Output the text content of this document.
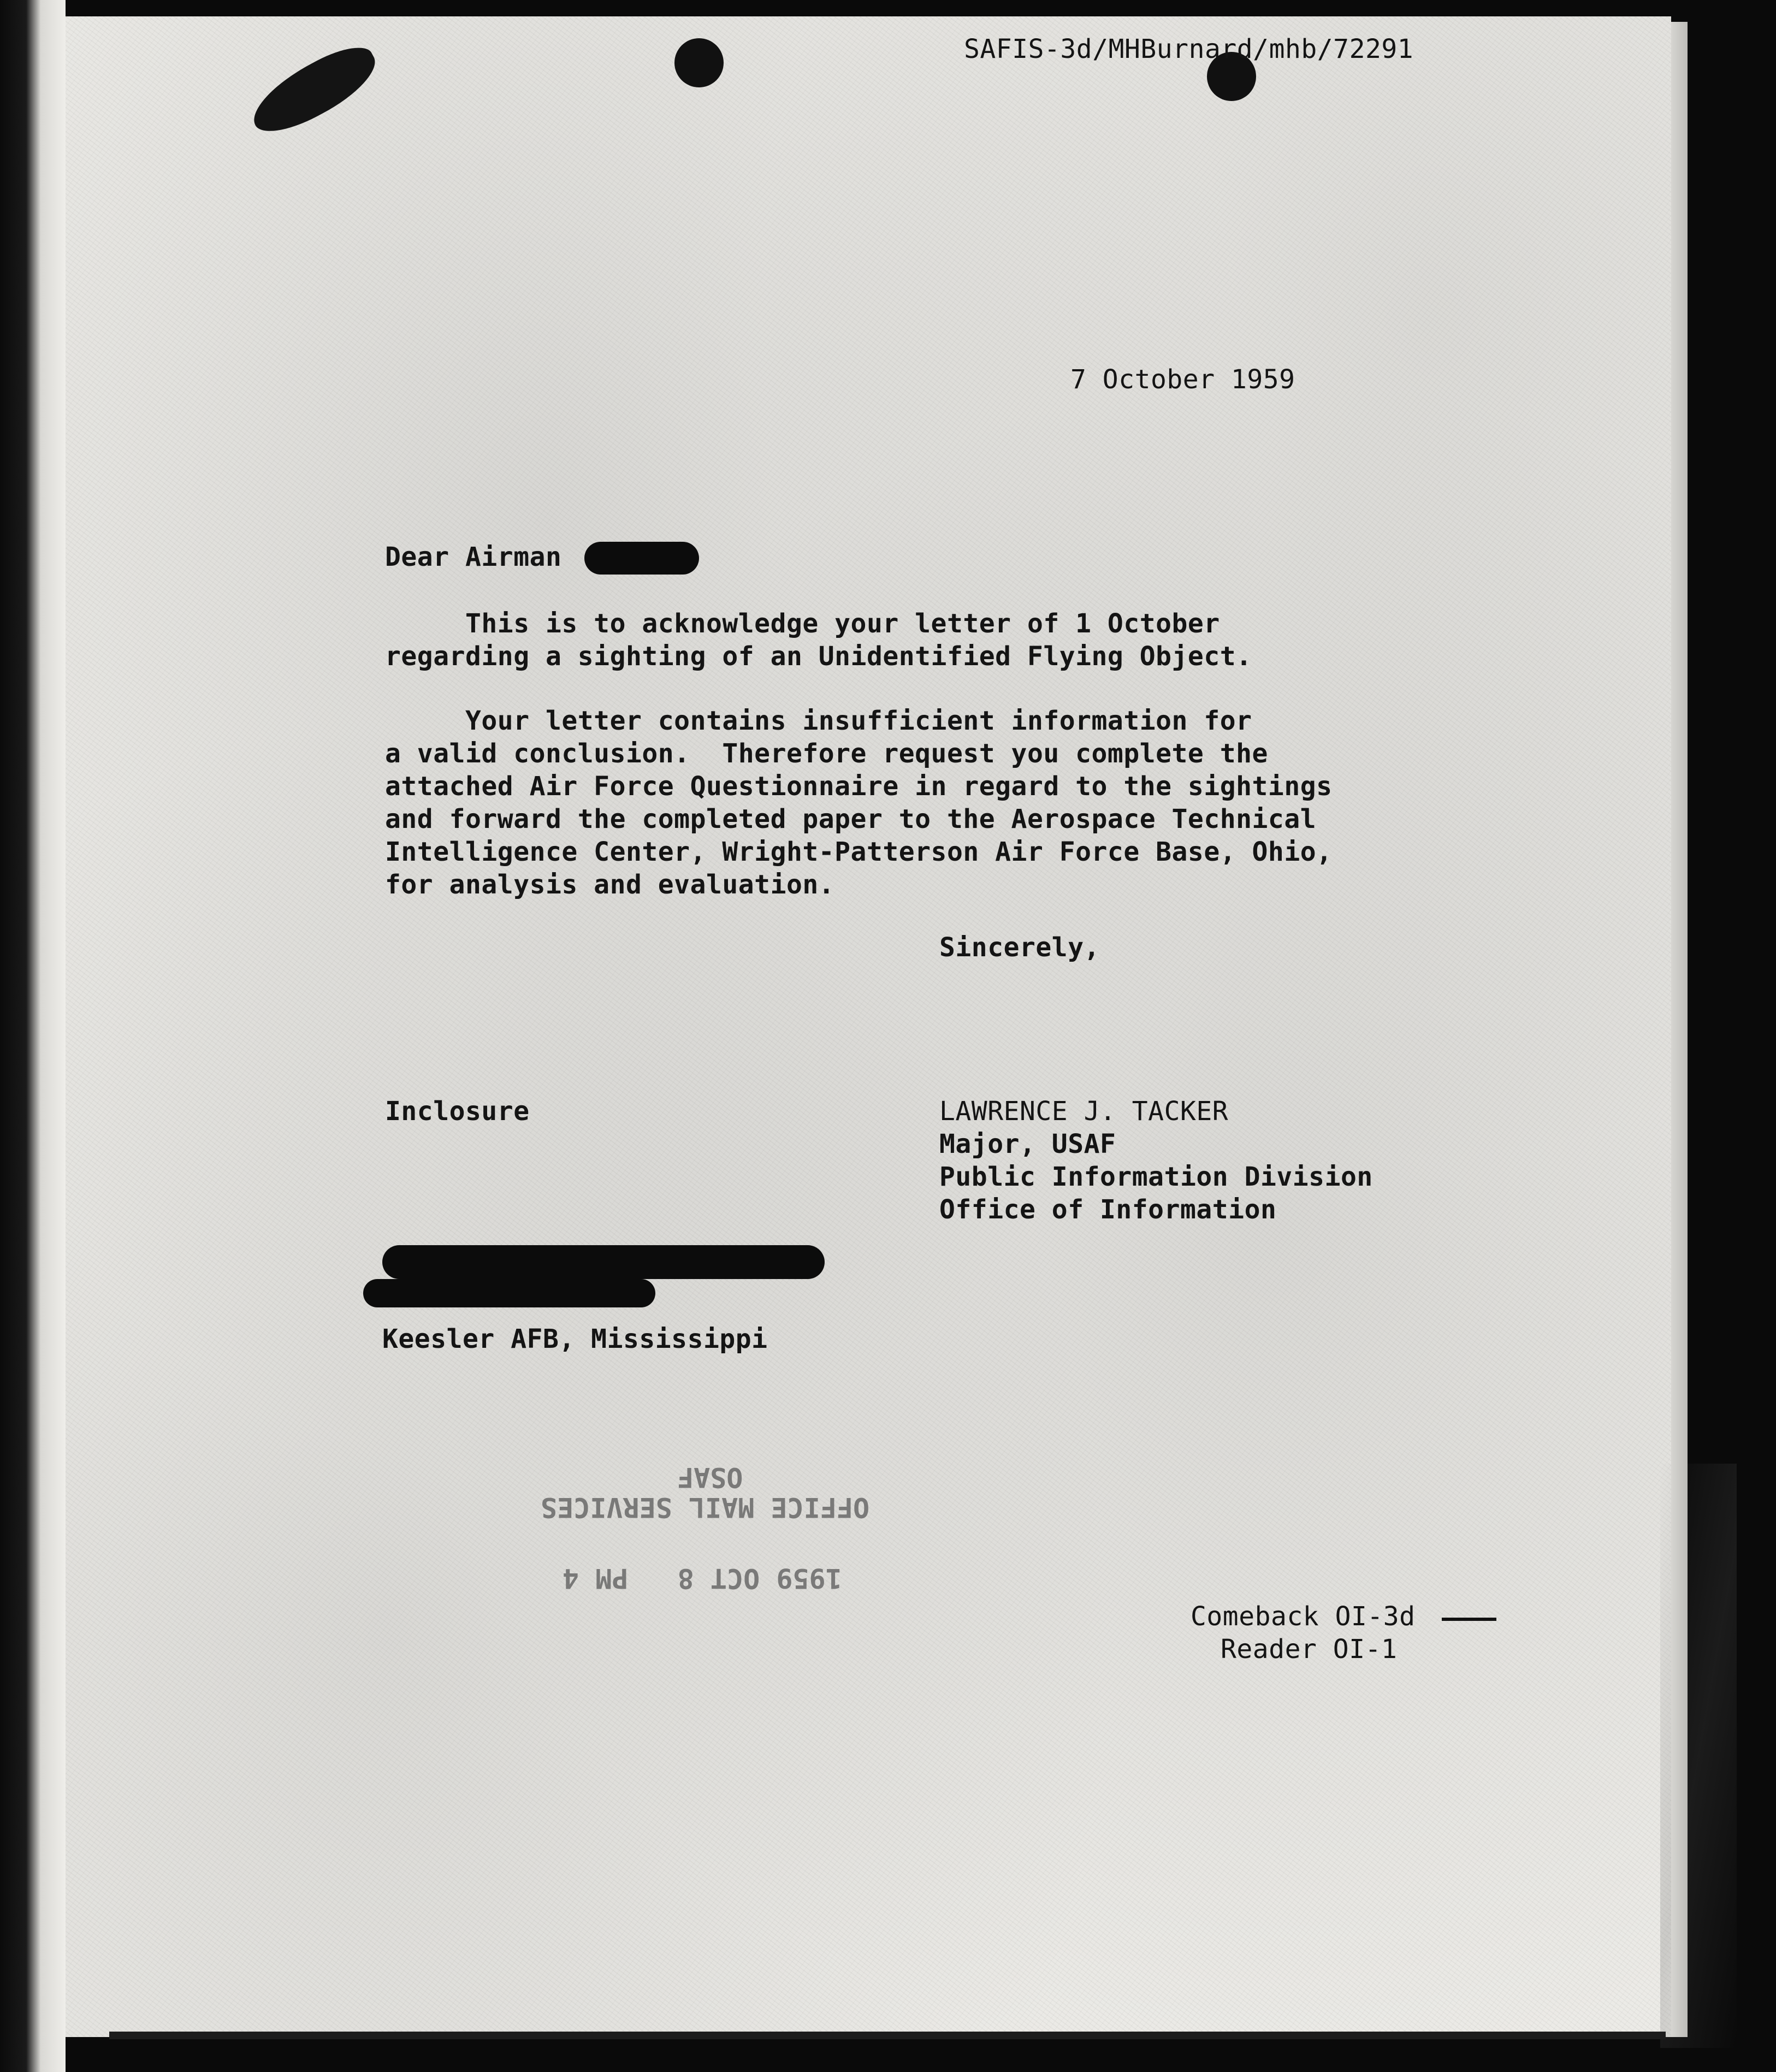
SAFIS-3d/MHBurnard/mhb/72291
7 October 1959
Dear Airman
This is to acknowledge your letter of 1 October
regarding a sighting of an Unidentified Flying Object.
Your letter contains insufficient information for
a valid conclusion.  Therefore request you complete the
attached Air Force Questionnaire in regard to the sightings
and forward the completed paper to the Aerospace Technical
Intelligence Center, Wright-Patterson Air Force Base, Ohio,
for analysis and evaluation.
Sincerely,
Inclosure	LAWRENCE J. TACKER
Major, USAF
Public Information Division
Office of Information
Keesler AFB, Mississippi
1959 OCT 8   PM 4
OFFICE MAIL SERVICES
OSAF
Comeback OI-3d
Reader OI-1
